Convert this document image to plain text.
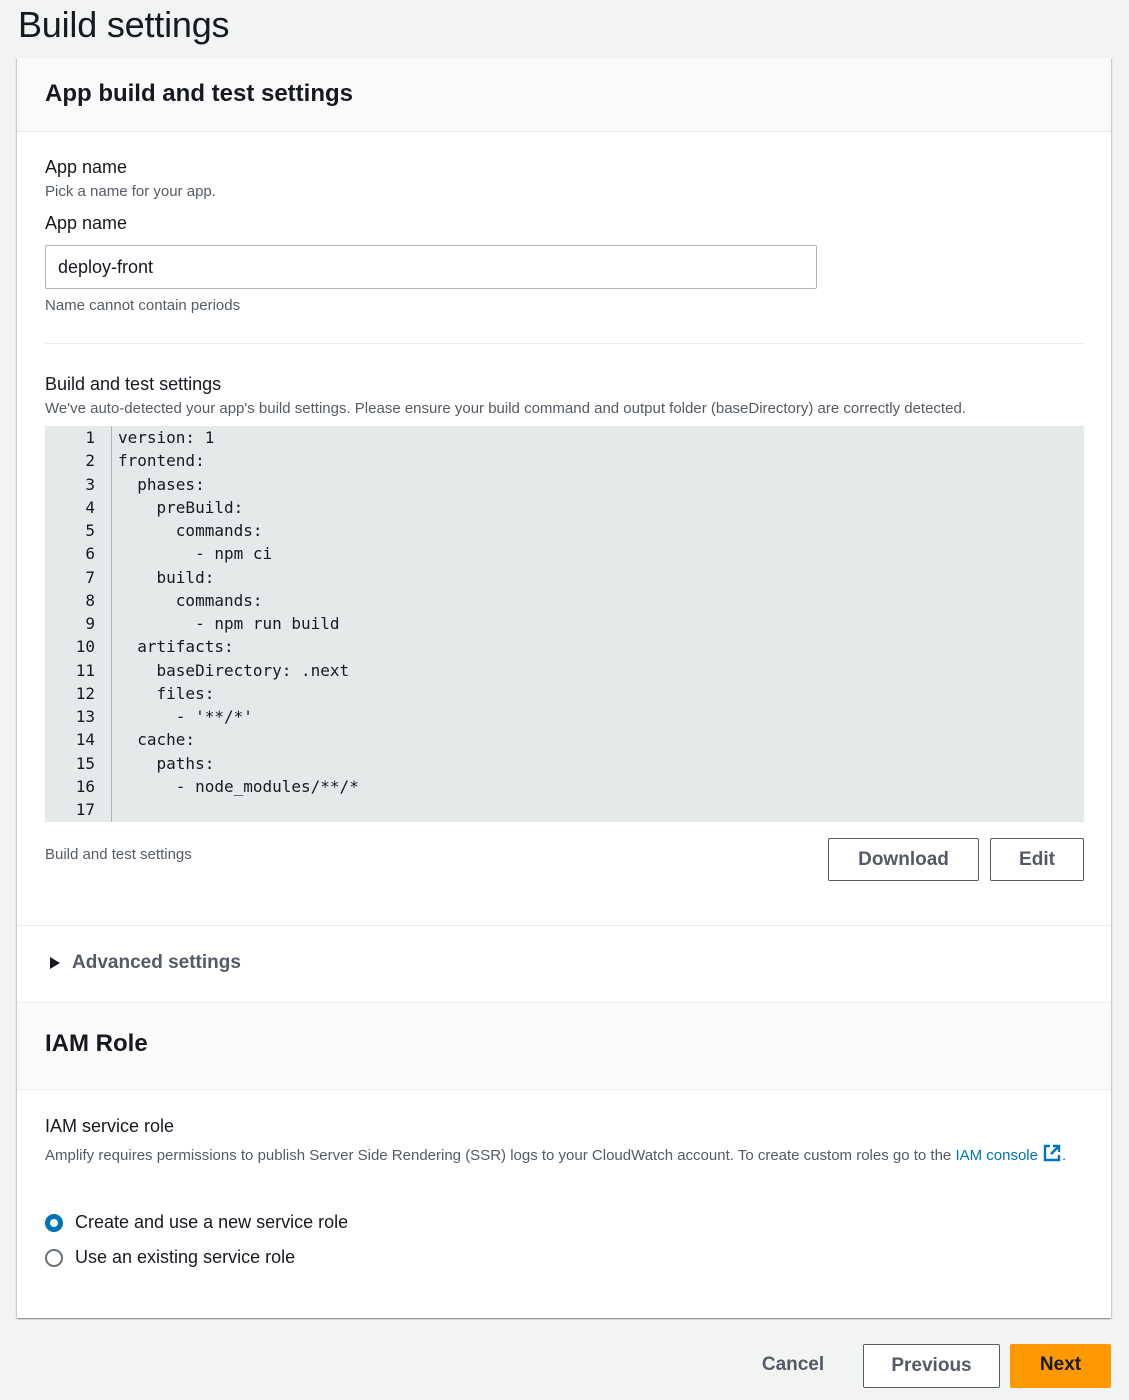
Build settings
App build and test settings
App name
Pick a name for your app.
App name
deploy-front
Name cannot contain periods
Build and test settings
We've auto-detected your app's build settings. Please ensure your build command and output folder (baseDirectory) are correctly detected.
1 version: 1
2 frontend:
3 phases:
4 preBuild:
5 commands:
6 - npm ci
7 build:
8 commands:
9 - npm run build
10 artifacts:
11 baseDirectory: .next
12 files:
13 - '**/*'
14 cache:
15 paths:
16 - node_modules/**/*
17
Build and test settings	Download	Edit
Advanced settings
IAM Role
IAM service role
Amplify requires permissions to publish Server Side Rendering (SSR) logs to your CloudWatch account. To create custom roles go to the IAM console .
Create and use a new service role
Use an existing service role
Cancel	Previous	Next
